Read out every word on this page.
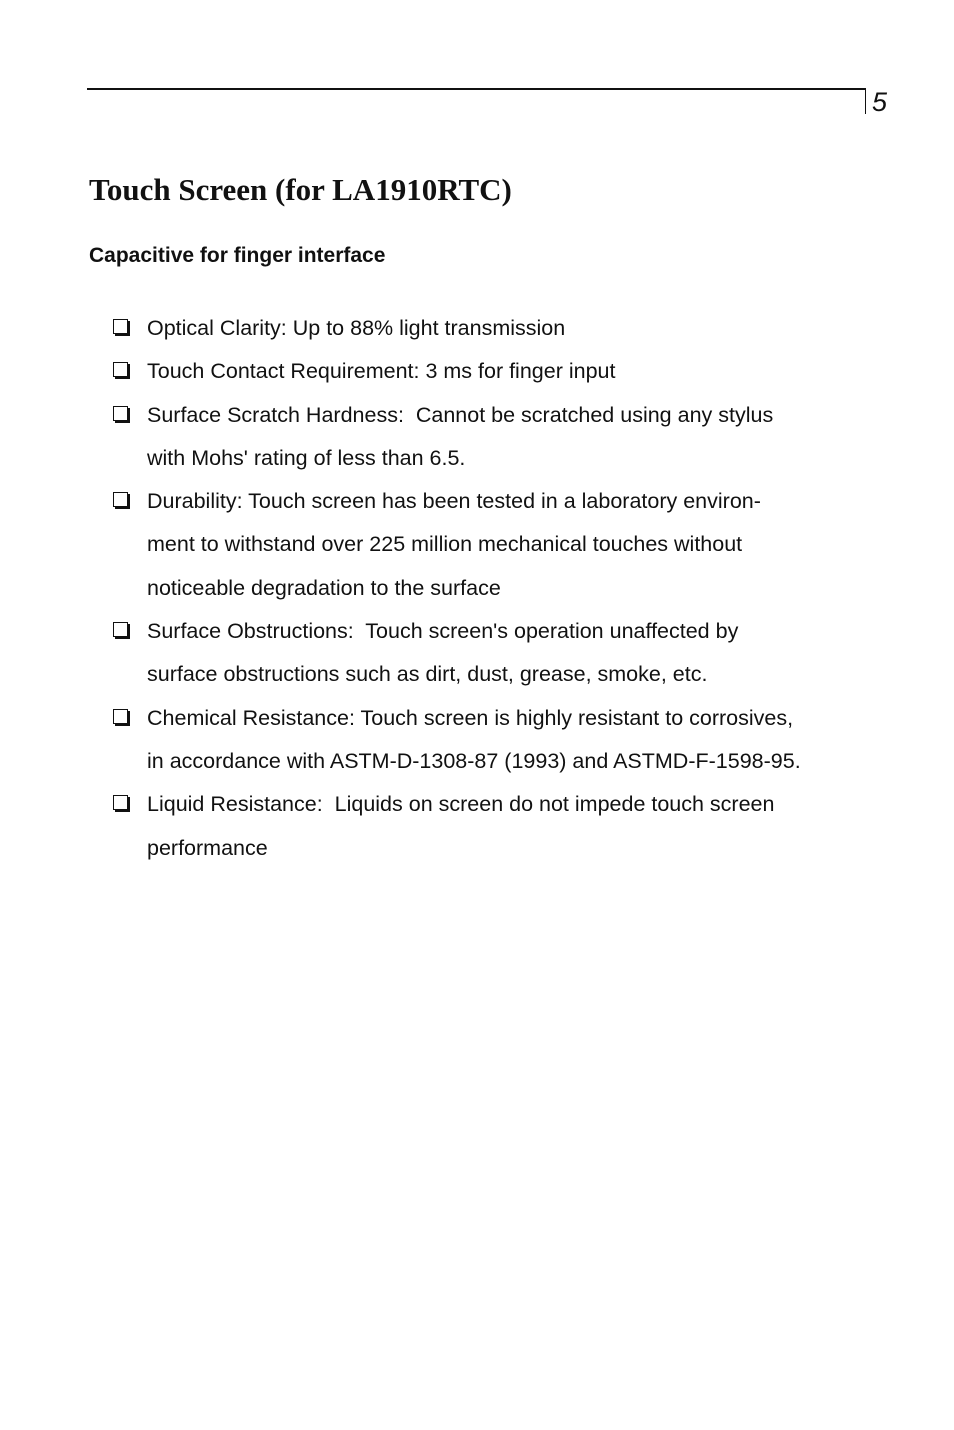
5
Touch Screen (for LA1910RTC)
Capacitive for finger interface
Optical Clarity: Up to 88% light transmission
Touch Contact Requirement: 3 ms for finger input
Surface Scratch Hardness:  Cannot be scratched using any stylus
with Mohs' rating of less than 6.5.
Durability: Touch screen has been tested in a laboratory environ-
ment to withstand over 225 million mechanical touches without
noticeable degradation to the surface
Surface Obstructions:  Touch screen's operation unaffected by
surface obstructions such as dirt, dust, grease, smoke, etc.
Chemical Resistance: Touch screen is highly resistant to corrosives,
in accordance with ASTM-D-1308-87 (1993) and ASTMD-F-1598-95.
Liquid Resistance:  Liquids on screen do not impede touch screen
performance
